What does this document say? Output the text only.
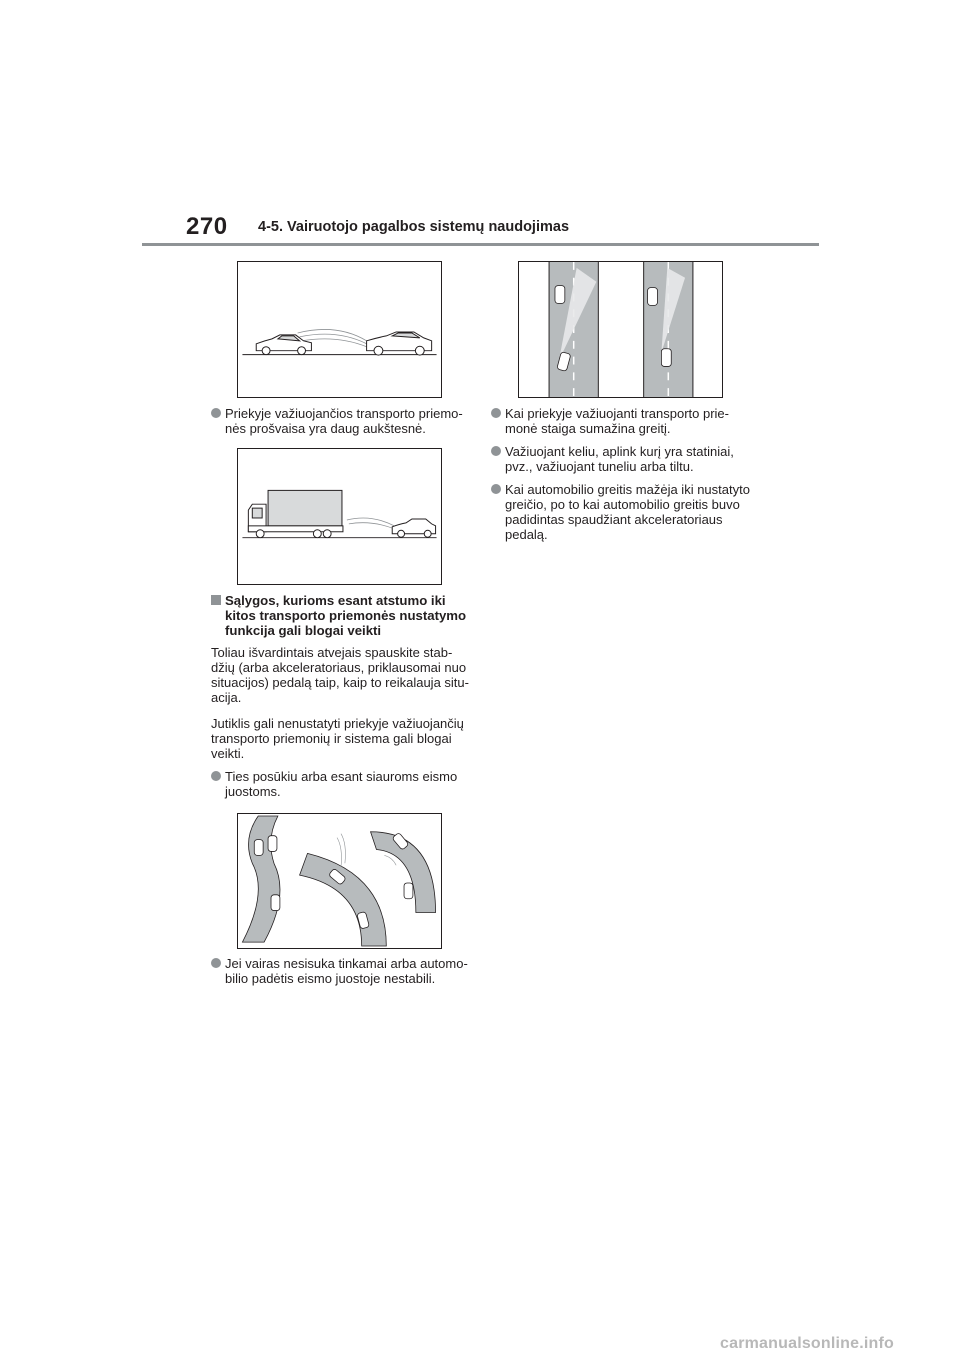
270 4-5. Vairuotojo pagalbos sistemų naudojimas
Priekyje važiuojančios transporto priemo-nės prošvaisa yra daug aukštesnė.
Sąlygos, kurioms esant atstumo iki kitos transporto priemonės nustatymo funkcija gali blogai veikti
Toliau išvardintais atvejais spauskite stab-džių (arba akceleratoriaus, priklausomai nuo situacijos) pedalą taip, kaip to reikalauja situ-acija.
Jutiklis gali nenustatyti priekyje važiuojančių transporto priemonių ir sistema gali blogai veikti.
Ties posūkiu arba esant siauroms eismo juostoms.
Jei vairas nesisuka tinkamai arba automo-bilio padėtis eismo juostoje nestabili.
Kai priekyje važiuojanti transporto prie-monė staiga sumažina greitį.
Važiuojant keliu, aplink kurį yra statiniai, pvz., važiuojant tuneliu arba tiltu.
Kai automobilio greitis mažėja iki nustatyto greičio, po to kai automobilio greitis buvo padidintas spaudžiant akceleratoriaus pedalą.
carmanualsonline.info
